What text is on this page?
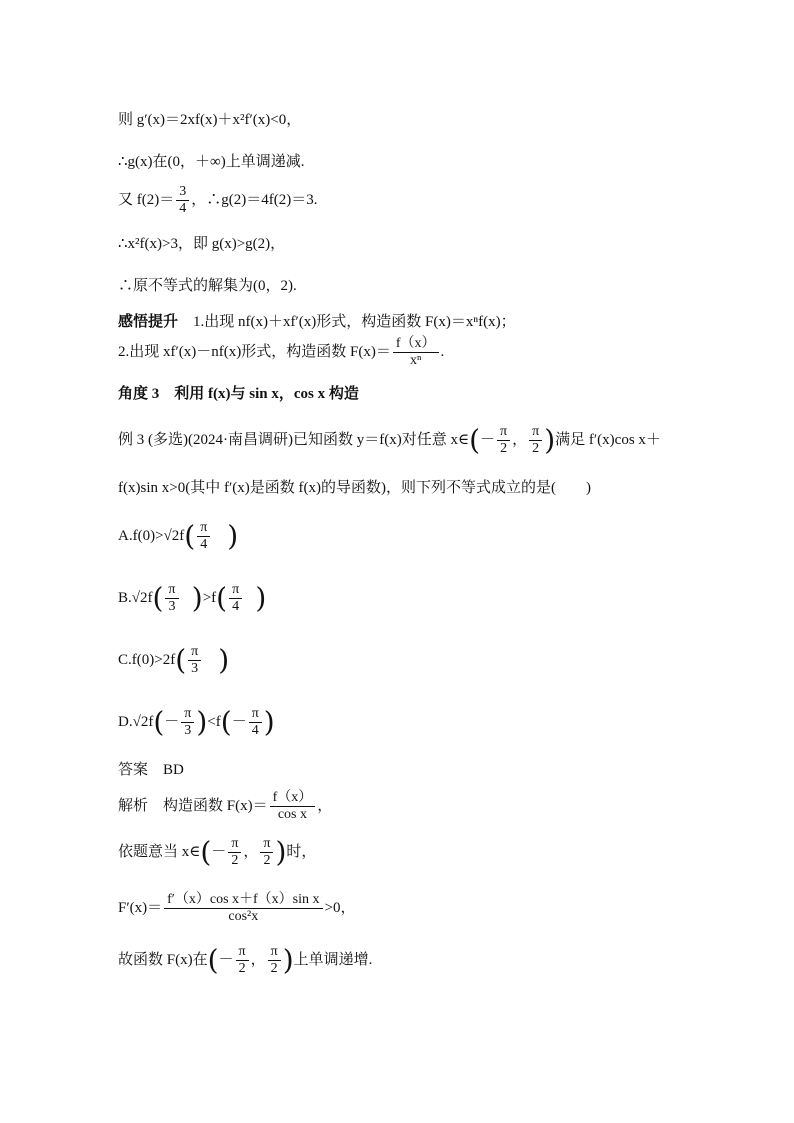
则 g′(x)＝2xf(x)＋x²f′(x)<0，
∴g(x)在(0，＋∞)上单调递减.
又 $f(2)= \frac{3}{4}$ ，∴g(2)＝4f(2)＝3.
∴x²f(x)>3，即 g(x)>g(2)，
∴原不等式的解集为(0，2).
感悟提升　 1.出现 nf(x)＋xf′(x)形式，构造函数 F(x)＝xⁿf(x)；
2.出现 xf′(x)－nf(x)形式，构造函数 $F(x)= \frac{f(x)}{\text{xⁿ}}$ .
角度 3　利用 f(x)与 sin x，cos x 构造
例 3 (多选)(2024·南昌调研)已知函数 y＝f(x)对任意 x∈(－ $\frac{\pi}{2}$ ， $\frac{\pi}{2}$ )满足 f′(x)cos x＋
f(x)sin x>0(其中 f′(x)是函数 f(x)的导函数)，则下列不等式成立的是(　　)
$A.f(0)>√2f( \frac{\pi}{4}$ )
$B.√2f( \frac{\pi}{3} )>f( \frac{\pi}{4}$ )
$C.f(0)>2f( \frac{\pi}{3}$ )
$D.√2f(- \frac{\pi}{3} )<f(- \frac{\pi}{4}$ )
答案　BD
解析　构造函数 $F(x)= \frac{f(x)}{\text{cos x}}$ ，
依题意当 x∈(－ $\frac{\pi}{2}$ ， $\frac{\pi}{2}$ )时，
$F'(x)= \frac{\text{f′（x）cos x＋f（x）sin x}}{\text{cos²x}} >0$，
故函数 F(x)在(－ $\frac{\pi}{2}$ ， $\frac{\pi}{2}$ )上单调递增.
